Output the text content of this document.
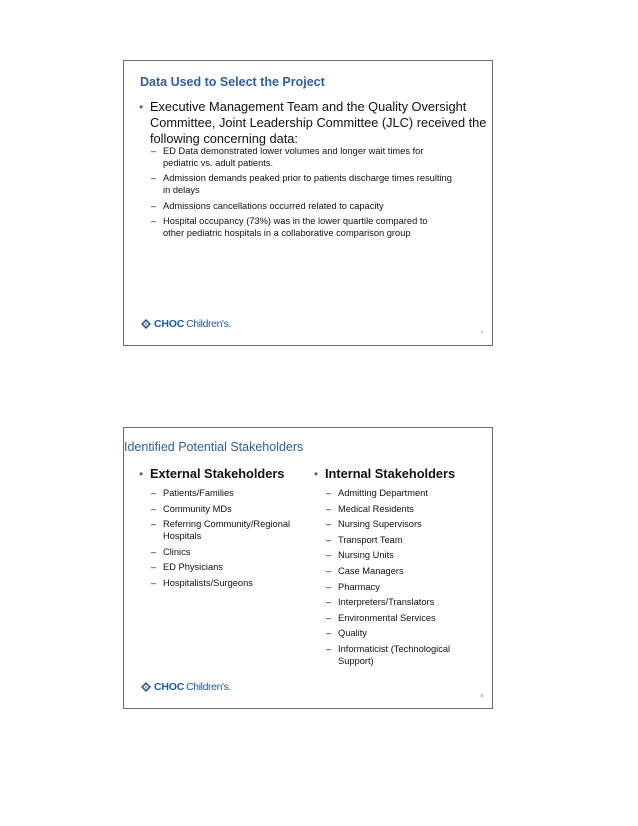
Data Used to Select the Project
• Executive Management Team and the Quality Oversight
Committee, Joint Leadership Committee (JLC) received the
following concerning data:
– ED Data demonstrated lower volumes and longer wait times for
pediatric vs. adult patients.
– Admission demands peaked prior to patients discharge times resulting
in delays
– Admissions cancellations occurred related to capacity
– Hospital occupancy (73%) was in the lower quartile compared to
other pediatric hospitals in a collaborative comparison group
CHOC Children's.
7
Identified Potential Stakeholders
• External Stakeholders
– Patients/Families
– Community MDs
– Referring Community/Regional
Hospitals
– Clinics
– ED Physicians
– Hospitalists/Surgeons
• Internal Stakeholders
– Admitting Department
– Medical Residents
– Nursing Supervisors
– Transport Team
– Nursing Units
– Case Managers
– Pharmacy
– Interpreters/Translators
– Environmental Services
– Quality
– Informaticist (Technological
Support)
CHOC Children's.
8
